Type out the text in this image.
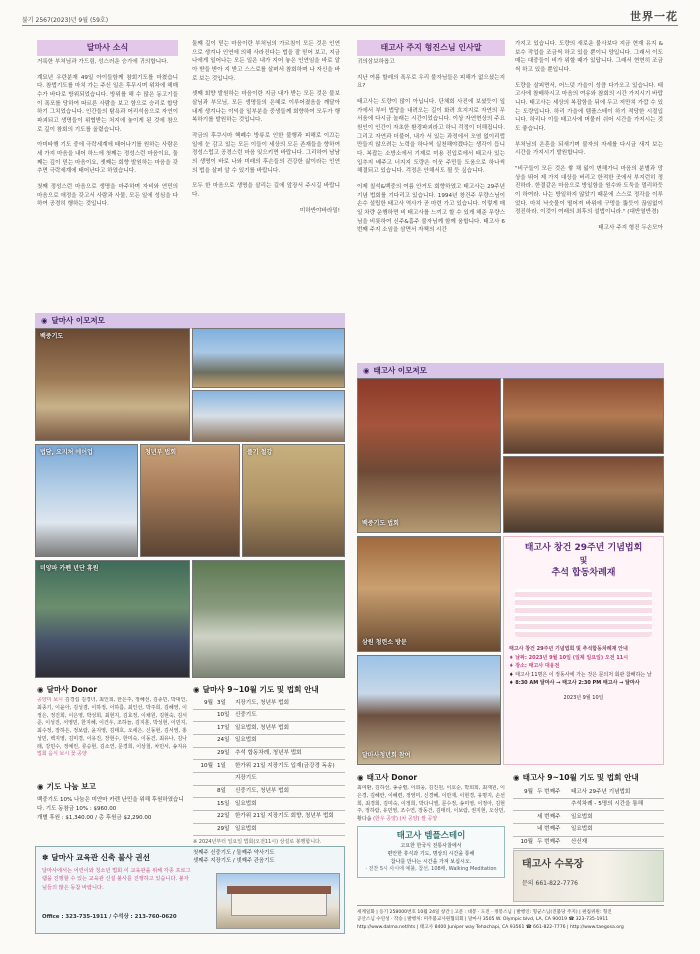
불기 2567(2023)년 9월 (59호)	世界一花
달마사 소식

거룩한 부처님과 가드림, 성스러운 승가에 귀의합니다.

계묘년 우란분재 49일 아이들함께 참회기도를 마쳤습니다. 참법기도를 마치 가는 주신 일은 후무시며 위차에 헤매수가 바다로 방위되었습니다. 방위를 해 수 많은 동고기들이 폭포를 당하여 따르른 사람을 보고 함으로 승리로 합당하기 그치었습니다. 인간들의 탐욕과 어리석음으로 자연이 파괴되고 생명들이 위협받는 처지에 놓이게 된 것에 참으로 깊이 참회의 기도를 올렸습니다.

아미타행 기도 중에 극락세계에 태어나기를 원하는 사람은 세 가지 마음을 내어 하느에 첫째는 정성스런 마음이요, 둘째는 깊이 믿는 마음이요, 셋째는 회향 발원하는 마음을 갖추면 극락세계에 태어난다고 하였습니다.

첫째 정성스런 마음으로 생명을 마주하며 자비와 연민의 마음으로 애정을 갖고서 사람과 사물, 모든 일에 성심을 다하여 공경히 행하는 것입니다.

둘째 깊이 믿는 마음이란 부처님의 가르침이 모든 것은 인연으로 생겨나 인연에 의해 사라진다는 법을 잘 믿어 보고, 지금 나에게 일어나는 모든 일은 내가 지어 놓은 인연임을 바로 알아 받들 받아 지 받고 스스로를 살펴서 참회하며 나 자신을 바로 보는 것입니다.

셋째 회향 발원하는 마음이란 지금 내가 받는 모든 것은 불보살님과 부모님, 모든 생명들의 은혜로 이루어졌음을 깨달아 내게 생겨나는 이익을 일부분을 중생들께 회향하여 모두가 행복하기를 발원하는 것입니다.

작금의 후쿠시마 핵폐수 방류로 인한 불행과 피해로 이끄는 일에 눈 감고 있는 모든 이들이 세상의 모든 존재들을 향하여 정성스럽고 공경스런 마음 잊으키면 바랍니다. 그리하여 남남의 생명이 바로 나와 미래의 후손들의 건강한 삶이라는 인연의 법을 살펴 알 수 있기를 바랍니다.

모두 한 마음으로 생명을 살리는 길에 앞장서 주시길 바랍니다.

미하반야바라밀!

태고사 주지 형진스님 인사말

귀의삼보하옵고

지난 여름 할레의 폭우로 우리 불자님들은 피해가 없으셨는지요?

태고사는 도량이 많이 아닙니다. 단체회 사진에 보셨듯이 잎가에서 부터 법당을 내려오는 길이 화려 흐지지로 자연의 무서움에 다시금 놀래는 시간이었습니다. 이상 자연현상의 주요 원인이 인간이 자초한 환경파괴라고 하니 걱정이 더해집니다. 그리고 자연과 더불어, 내가 서 있는 과정에서 오염 없이리럽 만들지 않으려는 노력을 하나씩 실천해야겠다는 생각이 듭니다. 복잡는 소방소에서 기제로 미용 진입로에서 태고사 있는 입추지 배주고 너지지 도량은 이웃 주민들 도움으로 하나씩 해결되고 있습니다. 걱정은 안해서도 될 듯 싶습니다.

이제 칠석&백중의 여름 안거도 회향하였고 태고사는 29주년 기념 법회를 기다리고 있습니다. 1994년 창건주 무량스님이 손수 설립한 태고사 역사가 곧 마련 가고 있습니다. 이렇게 매일 차량 운행하면 비 태고사를 느끼고 할 수 있게 해준 무량스님을 비롯하여 신주&흠주 불자님께 함께 움합니다. 태고사 6번째 주지 소임을 삼면서 자책의 시간

가지고 있습니다. 도량의 새로운 불사보다 지금 현재 유지 & 보수 작업을 조금씩 하고 있을 뿐이니 양입니다. 그래서 이도 매는 대중들이 비가 위할 때가 있답니다. 그래서 현현히 조금씩 하고 있을 뿐입니다.

도량을 살피면서, 어느덧 가을이 성큼 다가오고 있습니다. 태고사에 참배하시고 마음의 여유와 참회의 시간 가지시기 바랍니다. 태고사는 세상의 복잡함을 뒤에 두고 저만치 가깝 수 있는 도량입니다. 하리 가을에 템플스테이 하기 적당한 시절입니다. 하리나 이들 태고사에 머물러 쉬어 시간을 가지시는 것도 좋습니다.

부처님의 은혼을 되새기며 불자의 자세를 다시금 새겨 보는 시간을 가지시기 발원합니다.

"비구들이 모든 것은 쌓 채 잃이 변해가니 마음의 분별과 망상을 뛰어 제 가지 대상을 버리고 한적한 곳에서 부지런히 정진하라. 한결같은 마음으로 방일함을 원수와 도둑을 멀리하듯이 하여라. 나는 방일하지 않았기 때문에 스스로 정각을 이루었다. 마치 낙숫물이 떨어져 바위에 구멍을 뚫듯이 끊임없이 정진하라. 이것이 여래의 최후의 설법이니라." (대반열반경)

태고사 주지 형진 두손모아

◉ 달마사 이모저모
백중기도
법담, 요지처 에어업	청년부 법회	풀기 철강
미양파 카펜 년단 휴원
◉ 태고사 이모저모
백중기도 법회
삼원 청련소 방문
달마사청년회 참여
태고사 창건 29주년 기념법회
및
추석 합동차례재
태고사 창건 29주년 기념법회 및 추석합동차례재 안내
♦ 날짜: 2023년 9월 10일 (일제 일요일) 오전 11시
♦ 장소: 태고사 대웅전
♦ 태고사 11명은 이 정동사에 가는 것은 문의처 회관 참배하는 날
♦ 8:30 AM 달마사 → 태고사 2:30 PM 태고사 → 달마사
2023년 9월 10일
◉ 달마사 Donor
공양미 보시 김경섭 김경녀, 최인희, 한은주, 정혜선, 김종민, 박대인, 최종기, 이윤아, 김성겸, 이하정, 이하름, 최인선, 박주희, 김혜영, 이정은, 정진희, 이은영, 박성희, 최현지, 김효정, 이채원, 김현숙, 김서준, 이성진, 서영민, 한지혜, 이건우, 조하늘, 김지훈, 박성현, 이민지, 최수정, 장하은, 정보람, 윤지영, 김태호, 오세은, 신동현, 김서영, 홍성민, 백지영, 김미경, 이유진, 장현수, 한미숙, 이동건, 최유나, 김나래, 강민수, 정예린, 류승현, 김소연, 문경희, 이상철, 차민서, 송지유 법회 음식 보시 꽃 공양
◉ 기도 나눔 보고
백중기도 10% 나눔은 미얀마 카렌 난민을 위해 후원하였습니다. 기도 동참금 10% : $960.00
개별 후원 : $1,340.00 / 총 후원금 $2,290.00
✽ 달마사 교육관 신축 불사 권선
달마사에서는 어린이와 청소년 법회 이 교육관을 위해 각종 프로그램을 진행할 수 있는 교육관 신설 불사를 진행하고 있습니다. 불자님들의 많은 동참 바랍니다.
Office : 323-735-1911 / 수석상 : 213-760-0620
◉ 달마사 9~10월 기도 및 법회 안내
9월	3일	지장기도, 청년부 법회
	10일	신중기도
	17일	일요법회, 청년부 법회
	24일	일요법회
	29일	추석 합동차례, 청년부 법회
10월	1일	한가위 21일 지장기도 입재(금강경 독송)
		지장기도
	8일	신중기도, 청년부 법회
	15일	일요법회
	22일	한가위 21일 지장기도 회향, 청년부 법회
	29일	일요법회
※ 2024년부터 일요일 법회(오전11시) 상설로 봉행합니다.
첫째주 신중기도 / 둘째주 약사기도
셋째주 지장기도 / 넷째주 관음기도
◉ 태고사 Donor
최여환, 김하선, 송중렬, 이희웅, 김진원, 이호순, 박희희, 최재원, 이은경, 김혜란, 이혜련, 정영미, 신경혜, 이만재, 이현경, 유명지, 손선희, 최경희, 김미숙, 이정희, 박다니엘, 문수정, 송미영, 이정아, 김현주, 정하람, 유민영, 조수연, 장동건, 김태리, 이보람, 권지현, 오상민, 황다솜 (한우 공양) (차 공양) 쌀 공양
태고사 템플스테이
고요한 한국식 전통사찰에서
편안한 휴식과 기도, 명상의 시간을 통해
참나를 만나는 시간을 가져 보십시오.
· 전찬 5시 사시에 예불, 참선, 108배, Walking Meditation
◉ 태고사 9~10월 기도 및 법회 안내
9월	두 번째주	태고사 29주년 기념법회
		추석차례 - 5명의 시간을 통해
	세 번째주	일요법회
	네 번째주	일요법회
10월	두 번째주	산신재
태고사 수목장
문의 661-822-7776
세계일화 | 등기 258000번호 10월 24일 창간 | 고문 : 대봉 · 도진 · 정봉스님 | 발행인: 형균스님(진불당 주지) | 편집위원: 형진
공산스님 수연성 · 작승 | 발행처: 미주불교사원협의회 | 달마사 3505 W. Olympic blvd, LA, CA 90019 ☎ 323-735-1911
http://www.dalma.net/hts | 태고사 8400 Juniper way Tehachapi, CA 93561 ☎ 661-822-7776 | http://www.taegosa.org
